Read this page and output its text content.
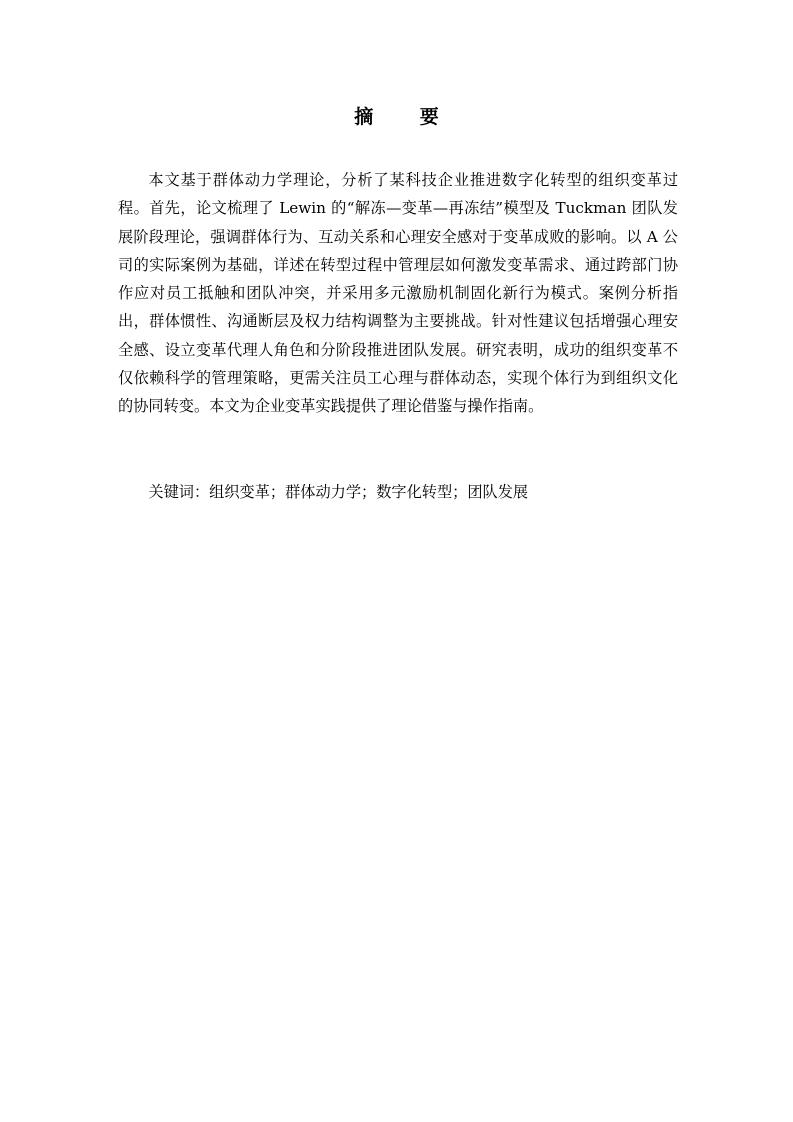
摘 要

本文基于群体动力学理论，分析了某科技企业推进数字化转型的组织变革过程。首先，论文梳理了 Lewin 的“解冻—变革—再冻结”模型及 Tuckman 团队发展阶段理论，强调群体行为、互动关系和心理安全感对于变革成败的影响。以 A 公司的实际案例为基础，详述在转型过程中管理层如何激发变革需求、通过跨部门协作应对员工抵触和团队冲突，并采用多元激励机制固化新行为模式。案例分析指出，群体惯性、沟通断层及权力结构调整为主要挑战。针对性建议包括增强心理安全感、设立变革代理人角色和分阶段推进团队发展。研究表明，成功的组织变革不仅依赖科学的管理策略，更需关注员工心理与群体动态，实现个体行为到组织文化的协同转变。本文为企业变革实践提供了理论借鉴与操作指南。

关键词：组织变革；群体动力学；数字化转型；团队发展
